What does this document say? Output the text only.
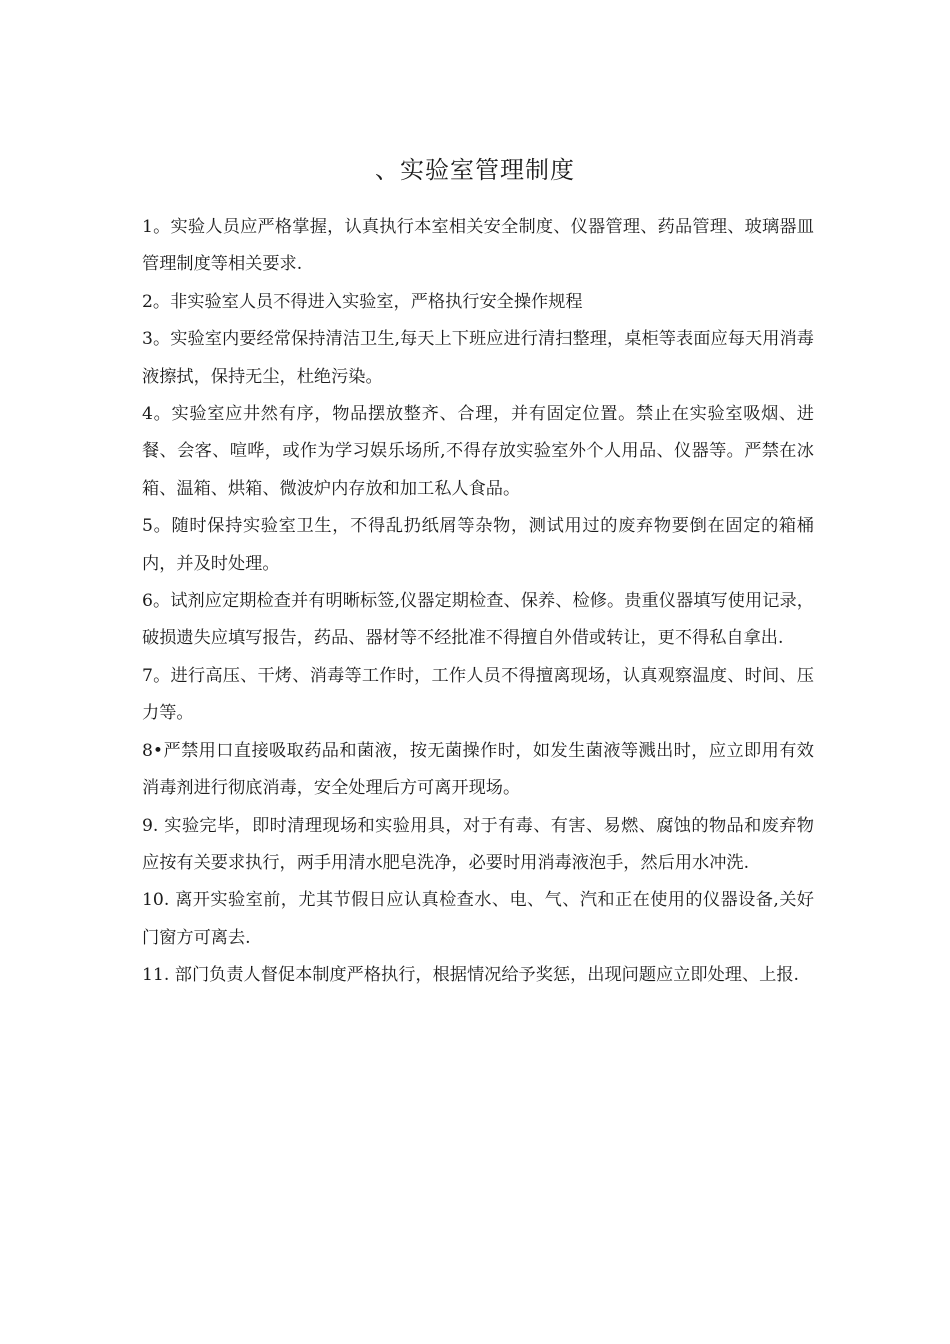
、实验室管理制度

1。实验人员应严格掌握，认真执行本室相关安全制度、仪器管理、药品管理、玻璃器皿管理制度等相关要求.

2。非实验室人员不得进入实验室，严格执行安全操作规程

3。实验室内要经常保持清洁卫生,每天上下班应进行清扫整理，桌柜等表面应每天用消毒液擦拭，保持无尘，杜绝污染。

4。实验室应井然有序，物品摆放整齐、合理，并有固定位置。禁止在实验室吸烟、进餐、会客、喧哗，或作为学习娱乐场所,不得存放实验室外个人用品、仪器等。严禁在冰箱、温箱、烘箱、微波炉内存放和加工私人食品。

5。随时保持实验室卫生，不得乱扔纸屑等杂物，测试用过的废弃物要倒在固定的箱桶内，并及时处理。

6。试剂应定期检查并有明晰标签,仪器定期检查、保养、检修。贵重仪器填写使用记录，破损遗失应填写报告，药品、器材等不经批准不得擅自外借或转让，更不得私自拿出.

7。进行高压、干烤、消毒等工作时，工作人员不得擅离现场，认真观察温度、时间、压力等。

8•严禁用口直接吸取药品和菌液，按无菌操作时，如发生菌液等溅出时，应立即用有效消毒剂进行彻底消毒，安全处理后方可离开现场。

9. 实验完毕，即时清理现场和实验用具，对于有毒、有害、易燃、腐蚀的物品和废弃物应按有关要求执行，两手用清水肥皂洗净，必要时用消毒液泡手，然后用水冲洗.

10. 离开实验室前，尤其节假日应认真检查水、电、气、汽和正在使用的仪器设备,关好门窗方可离去.

11. 部门负责人督促本制度严格执行，根据情况给予奖惩，出现问题应立即处理、上报.
